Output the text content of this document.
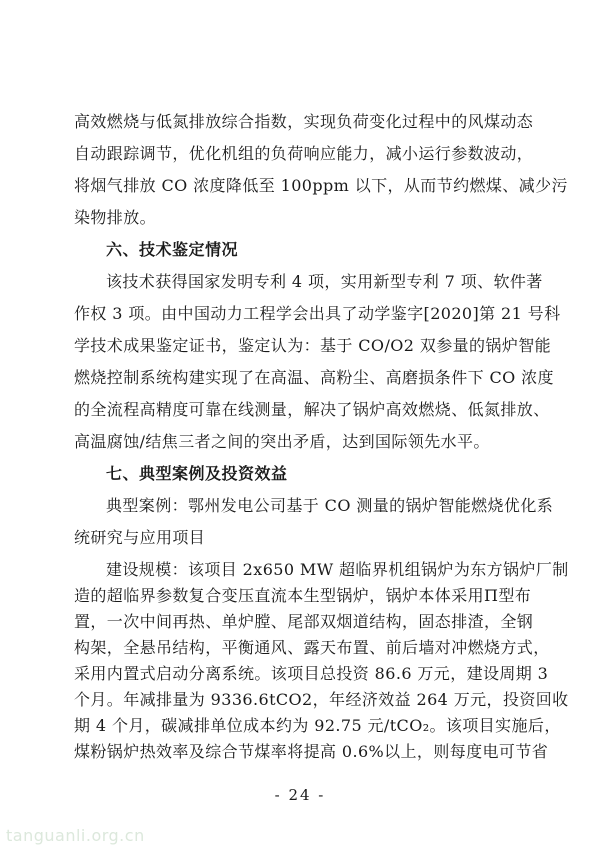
高效燃烧与低氮排放综合指数，实现负荷变化过程中的风煤动态
自动跟踪调节，优化机组的负荷响应能力，减小运行参数波动，
将烟气排放 CO 浓度降低至 100ppm 以下，从而节约燃煤、减少污
染物排放。
六、技术鉴定情况
该技术获得国家发明专利 4 项，实用新型专利 7 项、软件著
作权 3 项。由中国动力工程学会出具了动学鉴字[2020]第 21 号科
学技术成果鉴定证书，鉴定认为：基于 CO/O2 双参量的锅炉智能
燃烧控制系统构建实现了在高温、高粉尘、高磨损条件下 CO 浓度
的全流程高精度可靠在线测量，解决了锅炉高效燃烧、低氮排放、
高温腐蚀/结焦三者之间的突出矛盾，达到国际领先水平。
七、典型案例及投资效益
典型案例：鄂州发电公司基于 CO 测量的锅炉智能燃烧优化系
统研究与应用项目
建设规模：该项目 2x650 MW 超临界机组锅炉为东方锅炉厂制
造的超临界参数复合变压直流本生型锅炉，锅炉本体采用Π型布
置，一次中间再热、单炉膛、尾部双烟道结构，固态排渣，全钢
构架，全悬吊结构，平衡通风、露天布置、前后墙对冲燃烧方式，
采用内置式启动分离系统。该项目总投资 86.6 万元，建设周期 3
个月。年减排量为 9336.6tCO2，年经济效益 264 万元，投资回收
期 4 个月，碳减排单位成本约为 92.75 元/tCO₂。该项目实施后，
- 24 -
tanguanli.org.cn
煤粉锅炉热效率及综合节煤率将提高 0.6%以上，则每度电可节省
